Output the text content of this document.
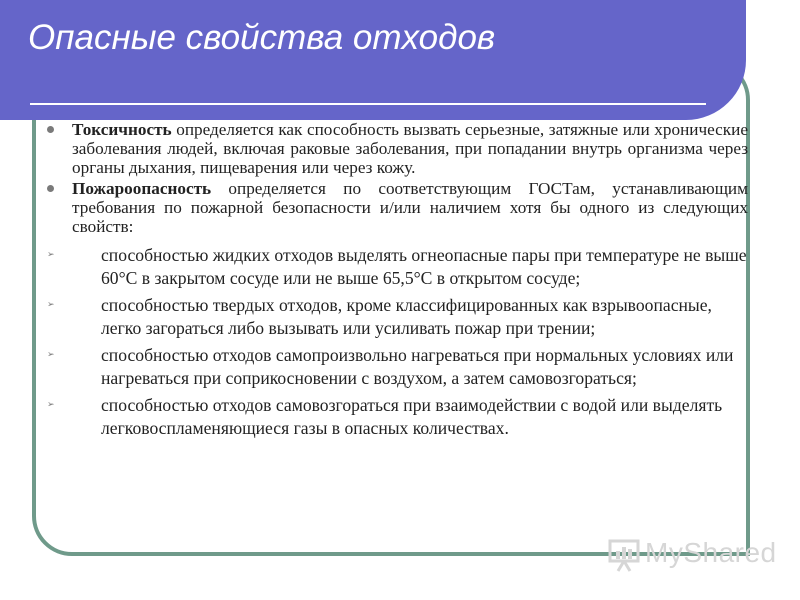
Опасные свойства отходов
Токсичность определяется как способность вызвать серьезные, затяжные или хронические заболевания людей, включая раковые заболевания, при попадании внутрь организма через органы дыхания, пищеварения или через кожу.
Пожароопасность определяется по соответствующим ГОСТам, устанавливающим требования по пожарной безопасности и/или наличием хотя бы одного из следующих свойств:
➢	способностью жидких отходов выделять огнеопасные пары при температуре не выше 60°С в закрытом сосуде или не выше 65,5°С в открытом сосуде;
➢	способностью твердых отходов, кроме классифицированных как взрывоопасные, легко загораться либо вызывать или усиливать пожар при трении;
➢	способностью отходов самопроизвольно нагреваться при нормальных условиях или нагреваться при соприкосновении с воздухом, а затем самовозгораться;
➢	способностью отходов самовозгораться при взаимодействии с водой или выделять легковоспламеняющиеся газы в опасных количествах.
MyShared
